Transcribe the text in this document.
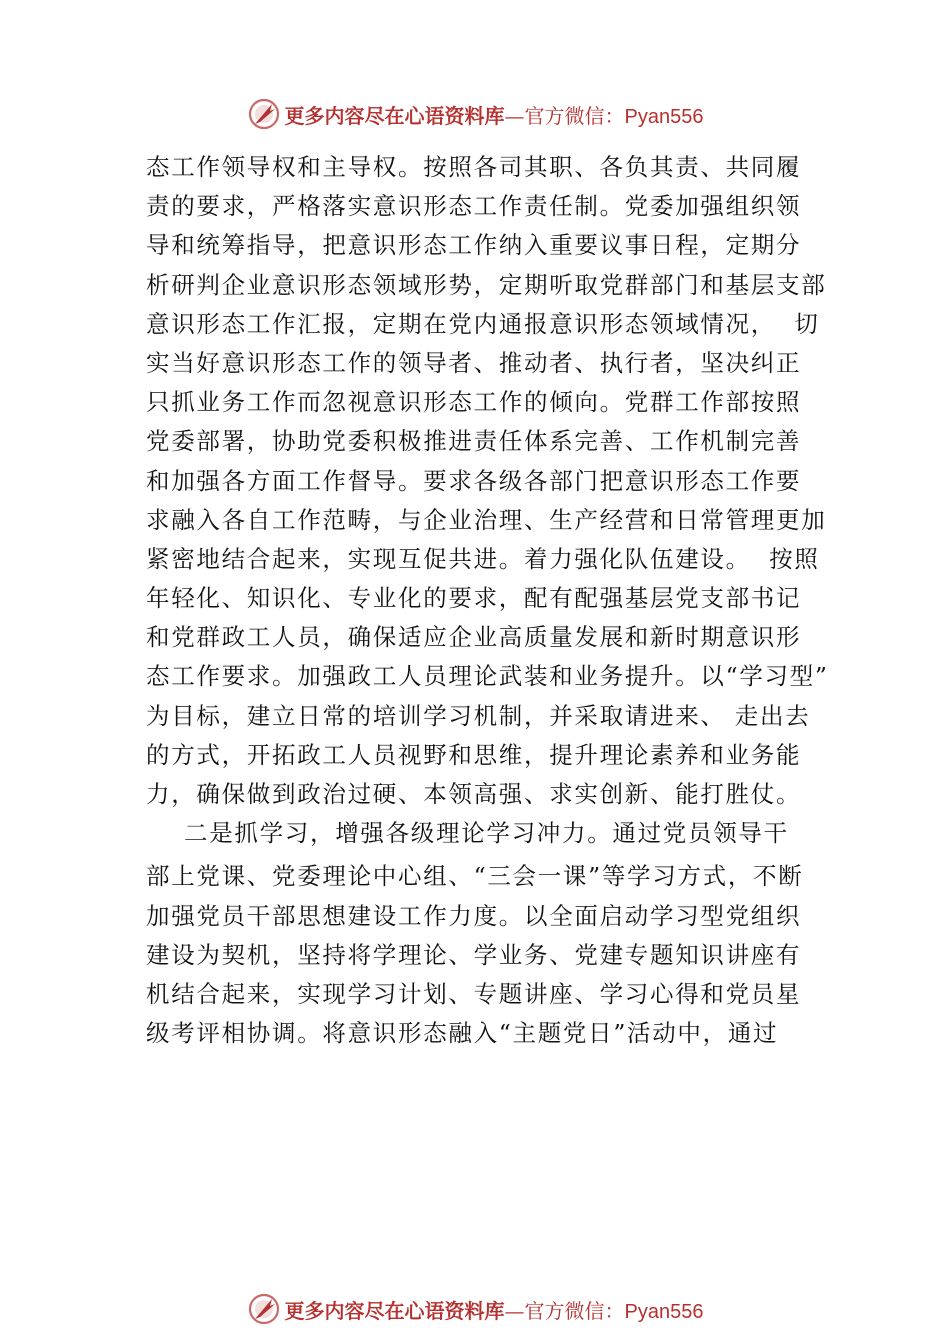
更多内容尽在心语资料库 — 官方微信： Pyan556
态工作领导权和主导权。按照各司其职、各负其责、共同履
责的要求，严格落实意识形态工作责任制。党委加强组织领
导和统筹指导，把意识形态工作纳入重要议事日程，定期分
析研判企业意识形态领域形势，定期听取党群部门和基层支部
意识形态工作汇报，定期在党内通报意识形态领域情况，  切
实当好意识形态工作的领导者、推动者、执行者，坚决纠正
只抓业务工作而忽视意识形态工作的倾向。党群工作部按照
党委部署，协助党委积极推进责任体系完善、工作机制完善
和加强各方面工作督导。要求各级各部门把意识形态工作要
求融入各自工作范畴，与企业治理、生产经营和日常管理更加
紧密地结合起来，实现互促共进。着力强化队伍建设。  按照
年轻化、知识化、专业化的要求，配有配强基层党支部书记
和党群政工人员，确保适应企业高质量发展和新时期意识形
态工作要求。加强政工人员理论武装和业务提升。以“学习型”
为目标，建立日常的培训学习机制，并采取请进来、 走出去
的方式，开拓政工人员视野和思维，提升理论素养和业务能
力，确保做到政治过硬、本领高强、求实创新、能打胜仗。
二是抓学习，增强各级理论学习冲力。通过党员领导干
部上党课、党委理论中心组、“三会一课”等学习方式，不断
加强党员干部思想建设工作力度。以全面启动学习型党组织
建设为契机，坚持将学理论、学业务、党建专题知识讲座有
机结合起来，实现学习计划、专题讲座、学习心得和党员星
级考评相协调。将意识形态融入“主题党日”活动中，通过
更多内容尽在心语资料库 — 官方微信： Pyan556
